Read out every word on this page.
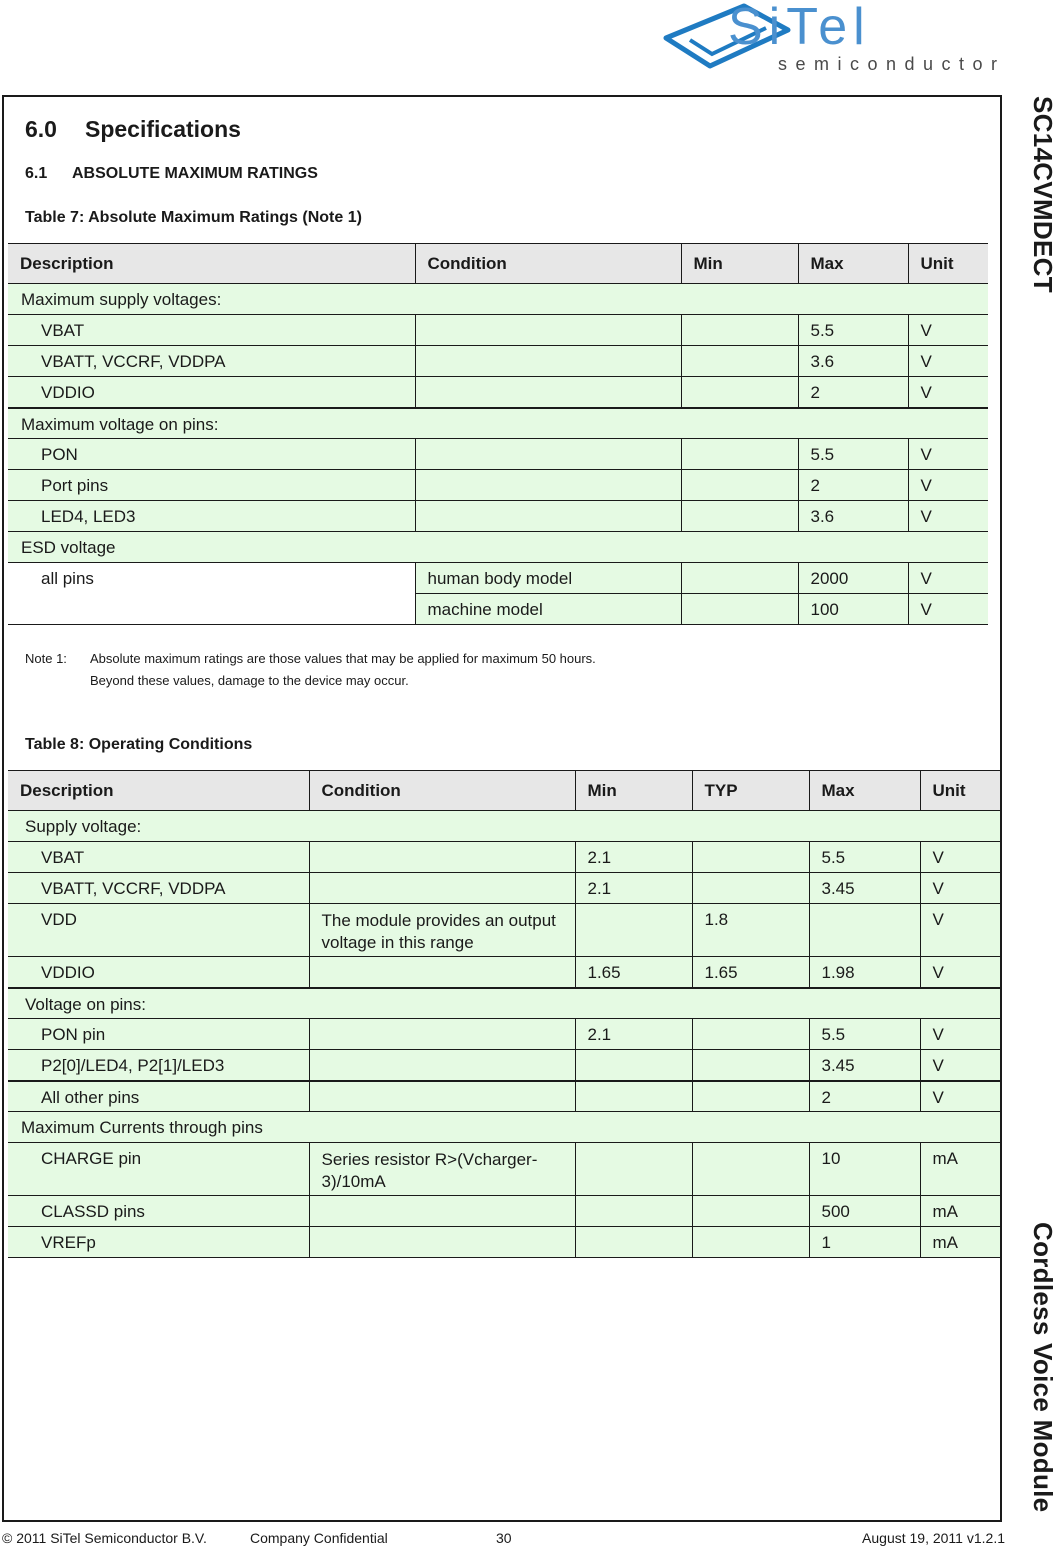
SiTel
semiconductor
SC14CVMDECT
Cordless Voice Module
6.0 Specifications
6.1 ABSOLUTE MAXIMUM RATINGS

Table 7: Absolute Maximum Ratings (Note 1)

Description	Condition	Min	Max	Unit
Maximum supply voltages:				
VBAT			5.5	V
VBATT, VCCRF, VDDPA			3.6	V
VDDIO			2	V
Maximum voltage on pins:				
PON			5.5	V
Port pins			2	V
LED4, LED3			3.6	V
ESD voltage				
all pins	human body model		2000	V
	machine model		100	V
Note 1: Absolute maximum ratings are those values that may be applied for maximum 50 hours.
Beyond these values, damage to the device may occur.

Table 8: Operating Conditions

Description	Condition	Min	TYP	Max	Unit
Supply voltage:					
VBAT		2.1		5.5	V
VBATT, VCCRF, VDDPA		2.1		3.45	V
VDD	The module provides an output voltage in this range		1.8		V
VDDIO		1.65	1.65	1.98	V
Voltage on pins:					
PON pin		2.1		5.5	V
P2[0]/LED4, P2[1]/LED3				3.45	V
All other pins				2	V
Maximum Currents through pins					
CHARGE pin	Series resistor R>(Vcharger-3)/10mA			10	mA
CLASSD pins				500	mA
VREFp				1	mA
© 2011 SiTel Semiconductor B.V.	Company Confidential	30	August 19, 2011 v1.2.1
